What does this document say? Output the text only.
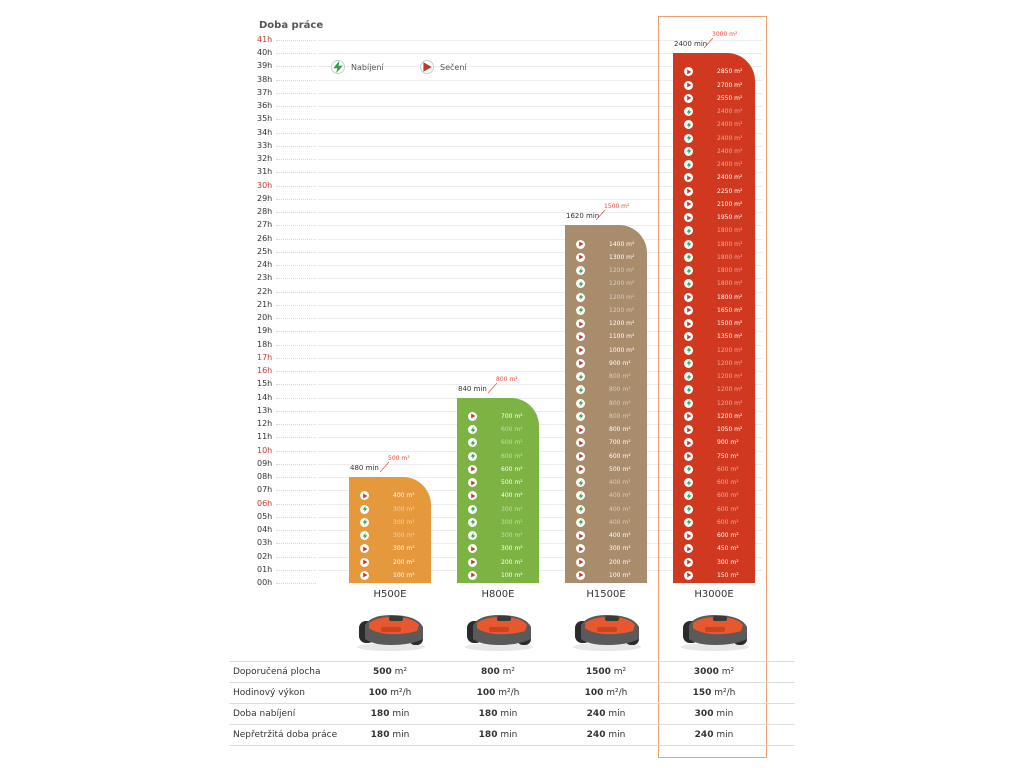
Doba práce
00h
01h
02h
03h
04h
05h
06h
07h
08h
09h
10h
11h
12h
13h
14h
15h
16h
17h
18h
19h
20h
21h
22h
23h
24h
25h
26h
27h
28h
29h
30h
31h
32h
33h
34h
35h
36h
37h
38h
39h
40h
41h
Nabíjení	Sečení
400 m²
300 m²
300 m²
300 m²
300 m²
200 m²
100 m²
480 min
500 m²
H500E
700 m²
600 m²
600 m²
600 m²
600 m²
500 m²
400 m²
300 m²
300 m²
300 m²
300 m²
200 m²
100 m²
840 min
800 m²
H800E
1400 m²
1300 m²
1200 m²
1200 m²
1200 m²
1200 m²
1200 m²
1100 m²
1000 m²
900 m²
800 m²
800 m²
800 m²
800 m²
800 m²
700 m²
600 m²
500 m²
400 m²
400 m²
400 m²
400 m²
400 m²
300 m²
200 m²
100 m²
1620 min
1500 m²
H1500E
2850 m²
2700 m²
2550 m²
2400 m²
2400 m²
2400 m²
2400 m²
2400 m²
2400 m²
2250 m²
2100 m²
1950 m²
1800 m²
1800 m²
1800 m²
1800 m²
1800 m²
1800 m²
1650 m²
1500 m²
1350 m²
1200 m²
1200 m²
1200 m²
1200 m²
1200 m²
1200 m²
1050 m²
900 m²
750 m²
600 m²
600 m²
600 m²
600 m²
600 m²
600 m²
450 m²
300 m²
150 m²
2400 min
3000 m²
H3000E
Doporučená plocha	500 m²	800 m²	1500 m²	3000 m²
Hodinový výkon	100 m²/h	100 m²/h	100 m²/h	150 m²/h
Doba nabíjení	180 min	180 min	240 min	300 min
Nepřetržitá doba práce	180 min	180 min	240 min	240 min
